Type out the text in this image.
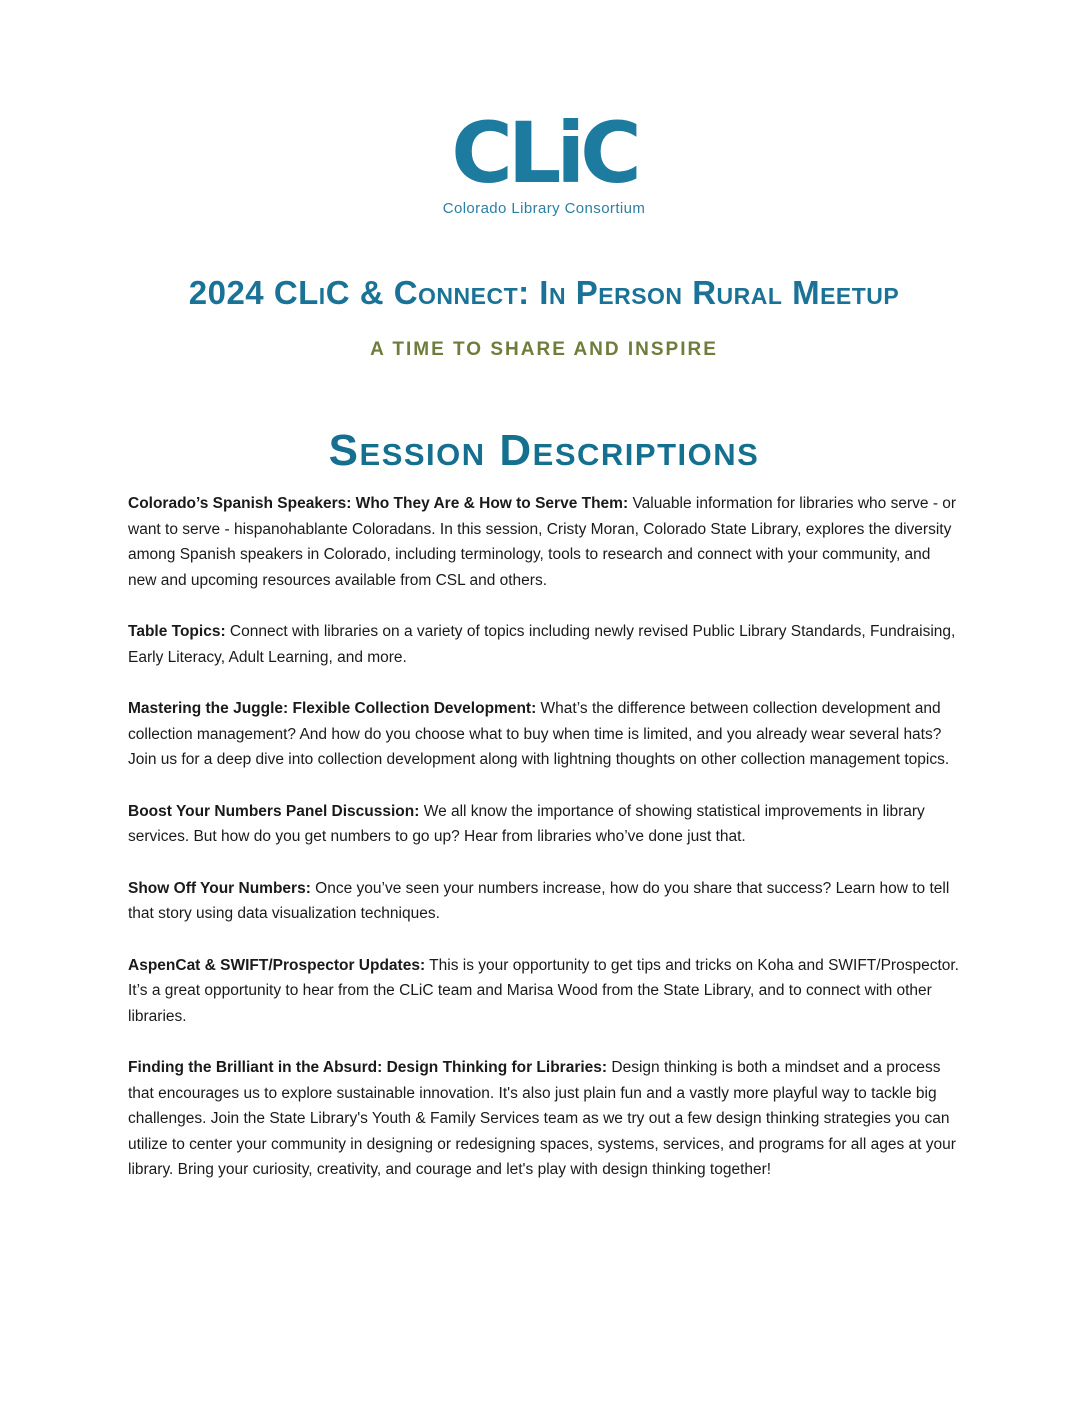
CLiC
Colorado Library Consortium
2024 CLiC & Connect: In Person Rural Meetup
A TIME TO SHARE AND INSPIRE
Session Descriptions

Colorado’s Spanish Speakers: Who They Are & How to Serve Them: Valuable information for libraries who serve - or want to serve - hispanohablante Coloradans. In this session, Cristy Moran, Colorado State Library, explores the diversity among Spanish speakers in Colorado, including terminology, tools to research and connect with your community, and new and upcoming resources available from CSL and others.

Table Topics: Connect with libraries on a variety of topics including newly revised Public Library Standards, Fundraising, Early Literacy, Adult Learning, and more.

Mastering the Juggle: Flexible Collection Development: What’s the difference between collection development and collection management? And how do you choose what to buy when time is limited, and you already wear several hats? Join us for a deep dive into collection development along with lightning thoughts on other collection management topics.

Boost Your Numbers Panel Discussion: We all know the importance of showing statistical improvements in library services. But how do you get numbers to go up? Hear from libraries who’ve done just that.

Show Off Your Numbers: Once you’ve seen your numbers increase, how do you share that success? Learn how to tell that story using data visualization techniques.

AspenCat & SWIFT/Prospector Updates: This is your opportunity to get tips and tricks on Koha and SWIFT/Prospector. It’s a great opportunity to hear from the CLiC team and Marisa Wood from the State Library, and to connect with other libraries.

Finding the Brilliant in the Absurd: Design Thinking for Libraries: Design thinking is both a mindset and a process that encourages us to explore sustainable innovation. It's also just plain fun and a vastly more playful way to tackle big challenges. Join the State Library's Youth & Family Services team as we try out a few design thinking strategies you can utilize to center your community in designing or redesigning spaces, systems, services, and programs for all ages at your library. Bring your curiosity, creativity, and courage and let's play with design thinking together!
